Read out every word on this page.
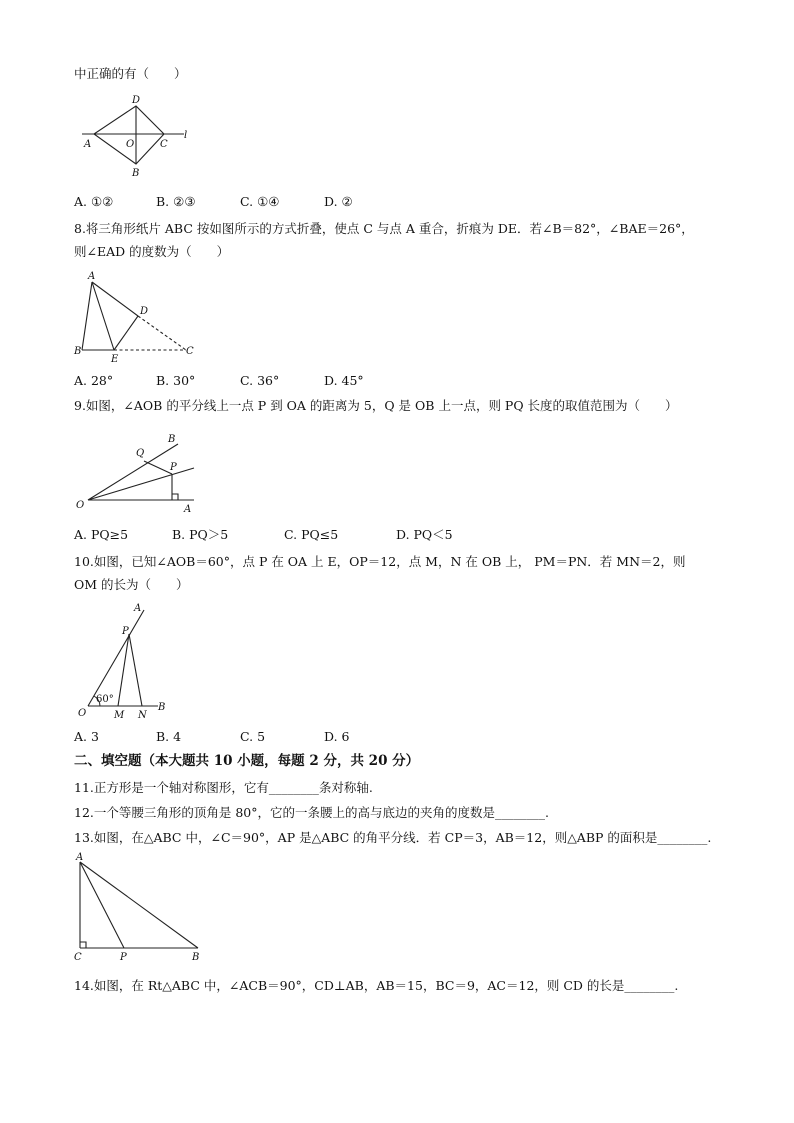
中正确的有（　　）
D
A	O	C
B
l
A. ①②	B. ②③	C. ①④	D. ②
8.将三角形纸片 ABC 按如图所示的方式折叠，使点 C 与点 A 重合，折痕为 DE．若∠B＝82°，∠BAE＝26°，
则∠EAD 的度数为（　　）
A
B
E
D
C
A. 28°	B. 30°	C. 36°	D. 45°
9.如图，∠AOB 的平分线上一点 P 到 OA 的距离为 5，Q 是 OB 上一点，则 PQ 长度的取值范围为（　　）
B
Q
P
O	A
A. PQ≥5	B. PQ＞5	C. PQ≤5	D. PQ＜5
10.如图，已知∠AOB＝60°，点 P 在 OA 上 E，OP＝12，点 M，N 在 OB 上， PM＝PN．若 MN＝2，则
OM 的长为（　　）
A
P
O
60°
M N
B
A. 3	B. 4	C. 5	D. 6
二、填空题（本大题共 10 小题，每题 2 分，共 20 分）
11.正方形是一个轴对称图形，它有________条对称轴.
12.一个等腰三角形的顶角是 80°，它的一条腰上的高与底边的夹角的度数是________.
13.如图，在△ABC 中，∠C＝90°，AP 是△ABC 的角平分线．若 CP＝3，AB＝12，则△ABP 的面积是________.
A
C	P	B
14.如图，在 Rt△ABC 中，∠ACB＝90°，CD⊥AB，AB＝15，BC＝9，AC＝12，则 CD 的长是________.
